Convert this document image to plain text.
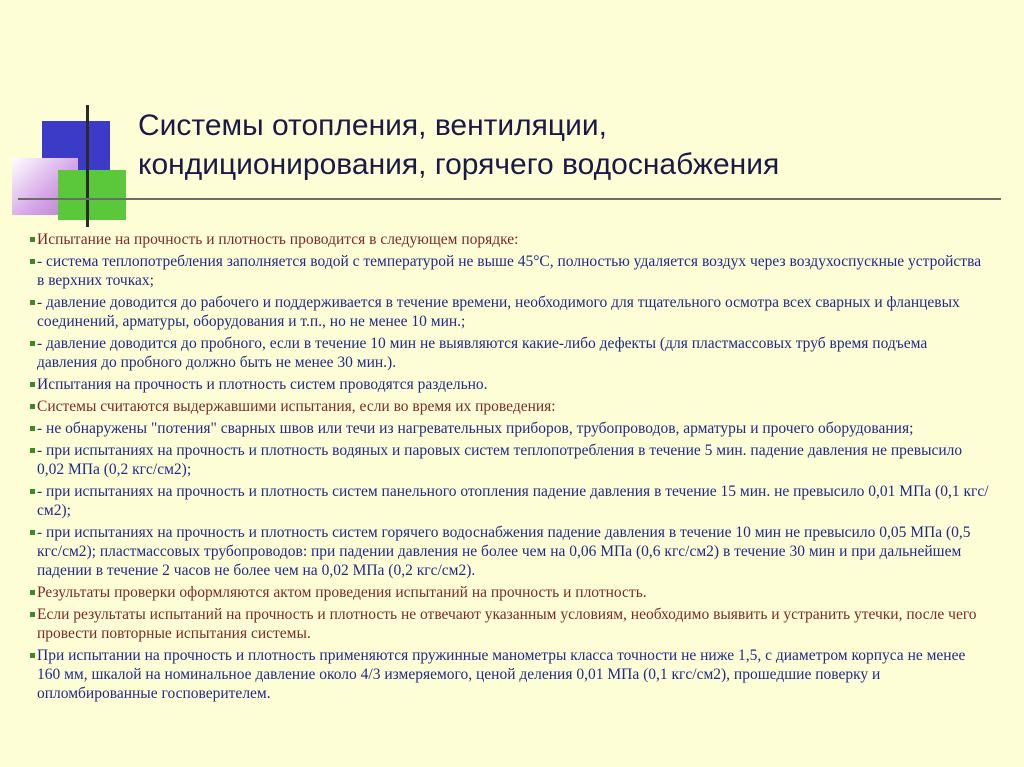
Системы отопления, вентиляции,
кондиционирования, горячего водоснабжения
Испытание на прочность и плотность проводится в следующем порядке:
- система теплопотребления заполняется водой с температурой не выше 45°С, полностью удаляется воздух через воздухоспускные устройства в верхних точках;
- давление доводится до рабочего и поддерживается в течение времени, необходимого для тщательного осмотра всех сварных и фланцевых соединений, арматуры, оборудования и т.п., но не менее 10 мин.;
- давление доводится до пробного, если в течение 10 мин не выявляются какие-либо дефекты (для пластмассовых труб время подъема давления до пробного должно быть не менее 30 мин.).
Испытания на прочность и плотность систем проводятся раздельно.
Системы считаются выдержавшими испытания, если во время их проведения:
- не обнаружены "потения" сварных швов или течи из нагревательных приборов, трубопроводов, арматуры и прочего оборудования;
- при испытаниях на прочность и плотность водяных и паровых систем теплопотребления в течение 5 мин. падение давления не превысило 0,02 МПа (0,2 кгс/см2);
- при испытаниях на прочность и плотность систем панельного отопления падение давления в течение 15 мин. не превысило 0,01 МПа (0,1 кгс/см2);
- при испытаниях на прочность и плотность систем горячего водоснабжения падение давления в течение 10 мин не превысило 0,05 МПа (0,5 кгс/см2); пластмассовых трубопроводов: при падении давления не более чем на 0,06 МПа (0,6 кгс/см2) в течение 30 мин и при дальнейшем падении в течение 2 часов не более чем на 0,02 МПа (0,2 кгс/см2).
Результаты проверки оформляются актом проведения испытаний на прочность и плотность.
Если результаты испытаний на прочность и плотность не отвечают указанным условиям, необходимо выявить и устранить утечки, после чего провести повторные испытания системы.
При испытании на прочность и плотность применяются пружинные манометры класса точности не ниже 1,5, с диаметром корпуса не менее 160 мм, шкалой на номинальное давление около 4/3 измеряемого, ценой деления 0,01 МПа (0,1 кгс/см2), прошедшие поверку и опломбированные госповерителем.
